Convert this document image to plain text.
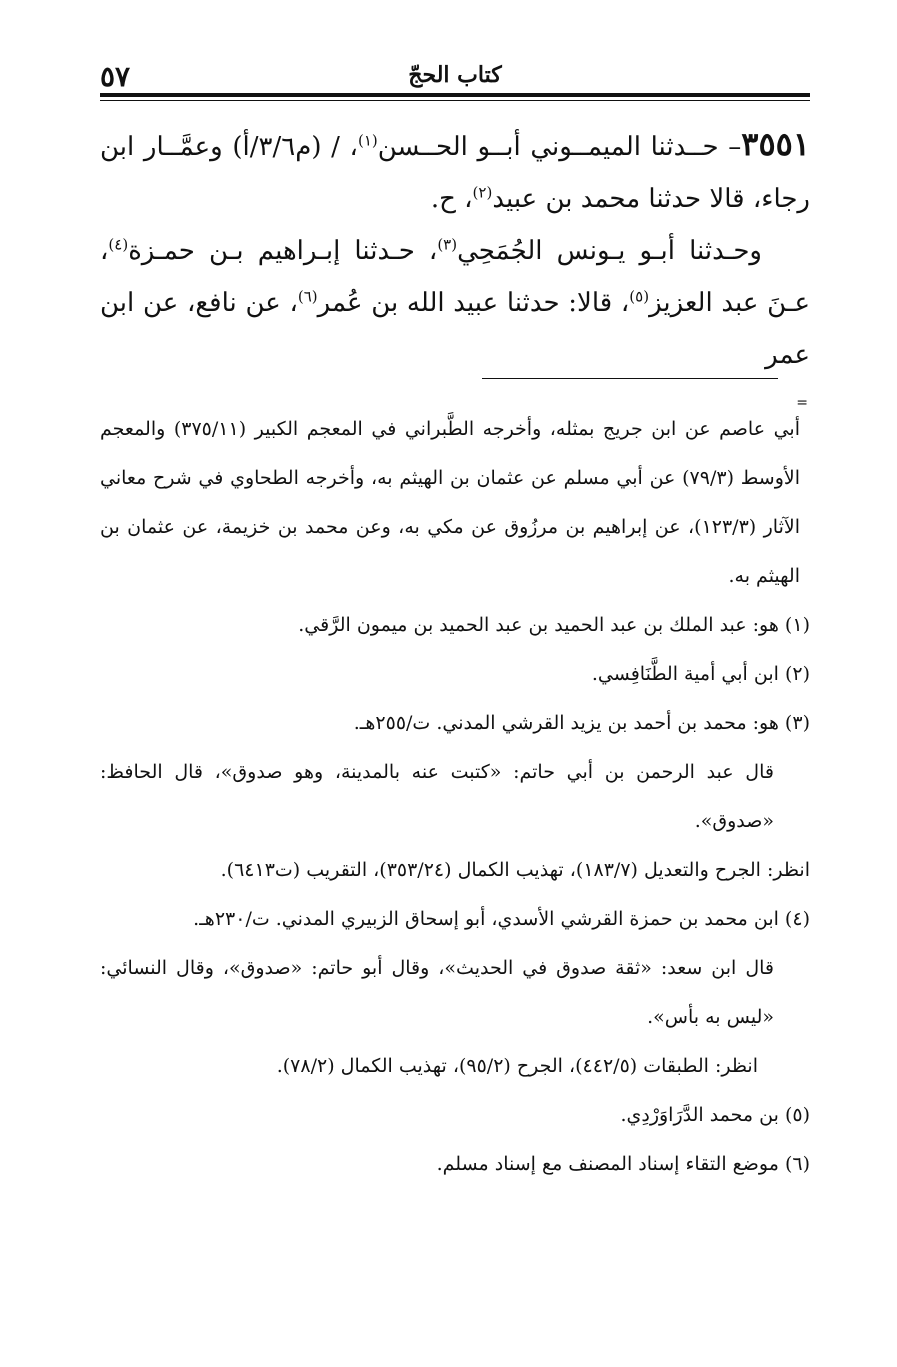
٥٧	كتاب الحجّ

٣٥٥١– حــدثنا الميمــوني أبــو الحــسن$^{(١)}$، / (م٣/٦/أ) وعمَّــار ابن رجاء، قالا حدثنا محمد بن عبيد$^{(٢)}$، ح.

وحـدثنا أبـو يـونس الجُمَحِي$^{(٣)}$، حـدثنا إبـراهيم بـن حمـزة$^{(٤)}$، عـنَ عبد العزيز$^{(٥)}$، قالا: حدثنا عبيد الله بن عُمر$^{(٦)}$، عن نافع، عن ابن عمر

=

أبي عاصم عن ابن جريج بمثله، وأخرجه الطَّبراني في المعجم الكبير (٣٧٥/١١) والمعجم الأوسط (٧٩/٣) عن أبي مسلم عن عثمان بن الهيثم به، وأخرجه الطحاوي في شرح معاني الآثار (١٢٣/٣)، عن إبراهيم بن مرزُوق عن مكي به، وعن محمد بن خزيمة، عن عثمان بن الهيثم به.

(١) هو: عبد الملك بن عبد الحميد بن عبد الحميد بن ميمون الرَّقي.

(٢) ابن أبي أمية الطَّنَافِسي.

(٣) هو: محمد بن أحمد بن يزيد القرشي المدني. ت/٢٥٥هـ.

قال عبد الرحمن بن أبي حاتم: «كتبت عنه بالمدينة، وهو صدوق»، قال الحافظ: «صدوق».

انظر: الجرح والتعديل (١٨٣/٧)، تهذيب الكمال (٣٥٣/٢٤)، التقريب (ت٦٤١٣).

(٤) ابن محمد بن حمزة القرشي الأسدي، أبو إسحاق الزبيري المدني. ت/٢٣٠هـ.

قال ابن سعد: «ثقة صدوق في الحديث»، وقال أبو حاتم: «صدوق»، وقال النسائي: «ليس به بأس».

انظر: الطبقات (٤٤٢/٥)، الجرح (٩٥/٢)، تهذيب الكمال (٧٨/٢).

(٥) بن محمد الدَّرَاوَرْدِي.

(٦) موضع التقاء إسناد المصنف مع إسناد مسلم.
